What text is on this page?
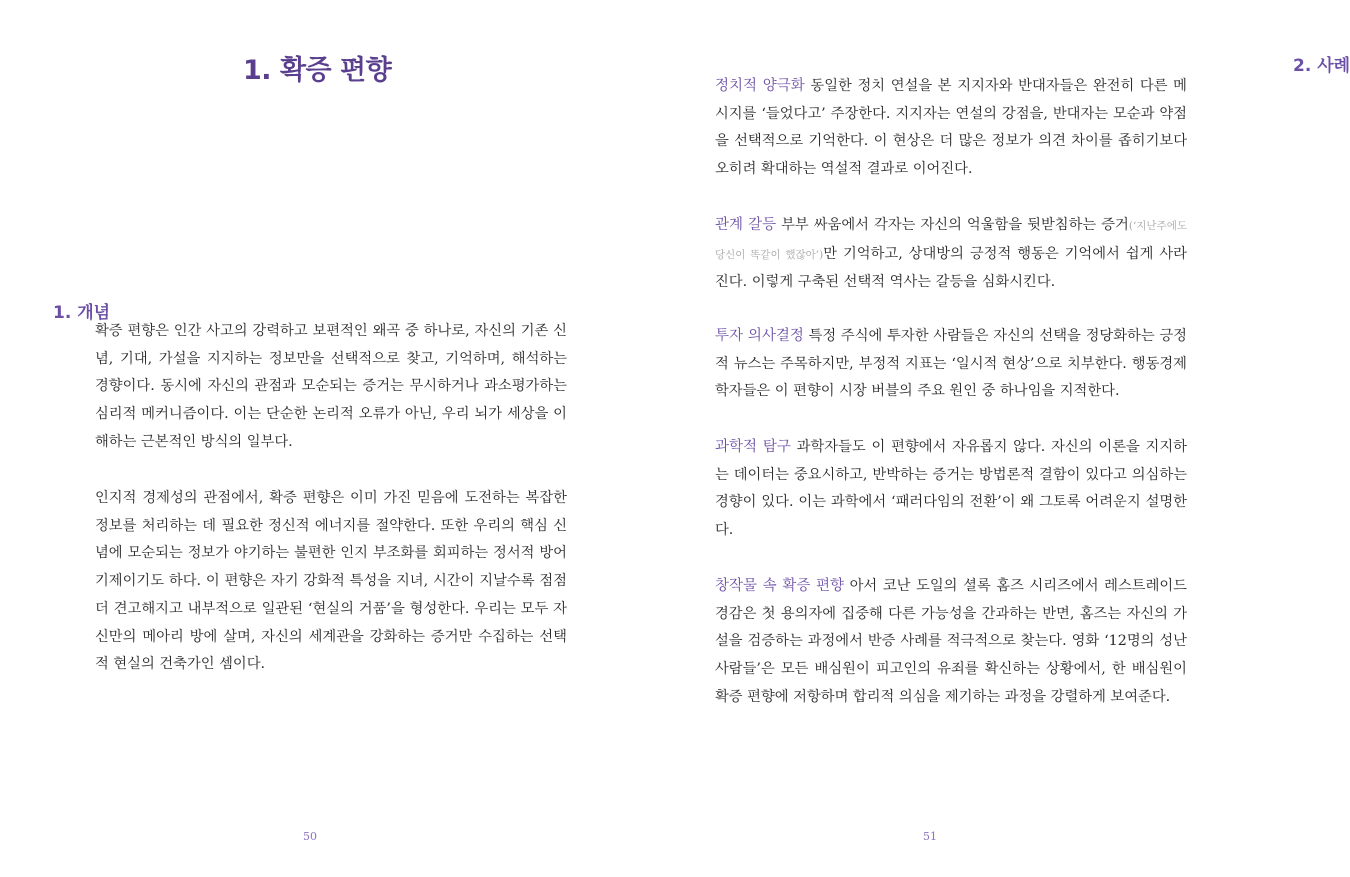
1. 확증 편향
1. 개념

확증 편향은 인간 사고의 강력하고 보편적인 왜곡 중 하나로, 자신의 기존 신념, 기대, 가설을 지지하는 정보만을 선택적으로 찾고, 기억하며, 해석하는 경향이다. 동시에 자신의 관점과 모순되는 증거는 무시하거나 과소평가하는 심리적 메커니즘이다. 이는 단순한 논리적 오류가 아닌, 우리 뇌가 세상을 이해하는 근본적인 방식의 일부다.

인지적 경제성의 관점에서, 확증 편향은 이미 가진 믿음에 도전하는 복잡한 정보를 처리하는 데 필요한 정신적 에너지를 절약한다. 또한 우리의 핵심 신념에 모순되는 정보가 야기하는 불편한 인지 부조화를 회피하는 정서적 방어 기제이기도 하다. 이 편향은 자기 강화적 특성을 지녀, 시간이 지날수록 점점 더 견고해지고 내부적으로 일관된 ‘현실의 거품’을 형성한다. 우리는 모두 자신만의 메아리 방에 살며, 자신의 세계관을 강화하는 증거만 수집하는 선택적 현실의 건축가인 셈이다.

50
2. 사례

정치적 양극화 동일한 정치 연설을 본 지지자와 반대자들은 완전히 다른 메시지를 ‘들었다고’ 주장한다. 지지자는 연설의 강점을, 반대자는 모순과 약점을 선택적으로 기억한다. 이 현상은 더 많은 정보가 의견 차이를 좁히기보다 오히려 확대하는 역설적 결과로 이어진다.

관계 갈등 부부 싸움에서 각자는 자신의 억울함을 뒷받침하는 증거(‘지난주에도 당신이 똑같이 했잖아’)만 기억하고, 상대방의 긍정적 행동은 기억에서 쉽게 사라진다. 이렇게 구축된 선택적 역사는 갈등을 심화시킨다.

투자 의사결정 특정 주식에 투자한 사람들은 자신의 선택을 정당화하는 긍정적 뉴스는 주목하지만, 부정적 지표는 ‘일시적 현상’으로 치부한다. 행동경제학자들은 이 편향이 시장 버블의 주요 원인 중 하나임을 지적한다.

과학적 탐구 과학자들도 이 편향에서 자유롭지 않다. 자신의 이론을 지지하는 데이터는 중요시하고, 반박하는 증거는 방법론적 결함이 있다고 의심하는 경향이 있다. 이는 과학에서 ‘패러다임의 전환’이 왜 그토록 어려운지 설명한다.

창작물 속 확증 편향 아서 코난 도일의 셜록 홈즈 시리즈에서 레스트레이드 경감은 첫 용의자에 집중해 다른 가능성을 간과하는 반면, 홈즈는 자신의 가설을 검증하는 과정에서 반증 사례를 적극적으로 찾는다. 영화 ‘12명의 성난 사람들’은 모든 배심원이 피고인의 유죄를 확신하는 상황에서, 한 배심원이 확증 편향에 저항하며 합리적 의심을 제기하는 과정을 강렬하게 보여준다.

51
